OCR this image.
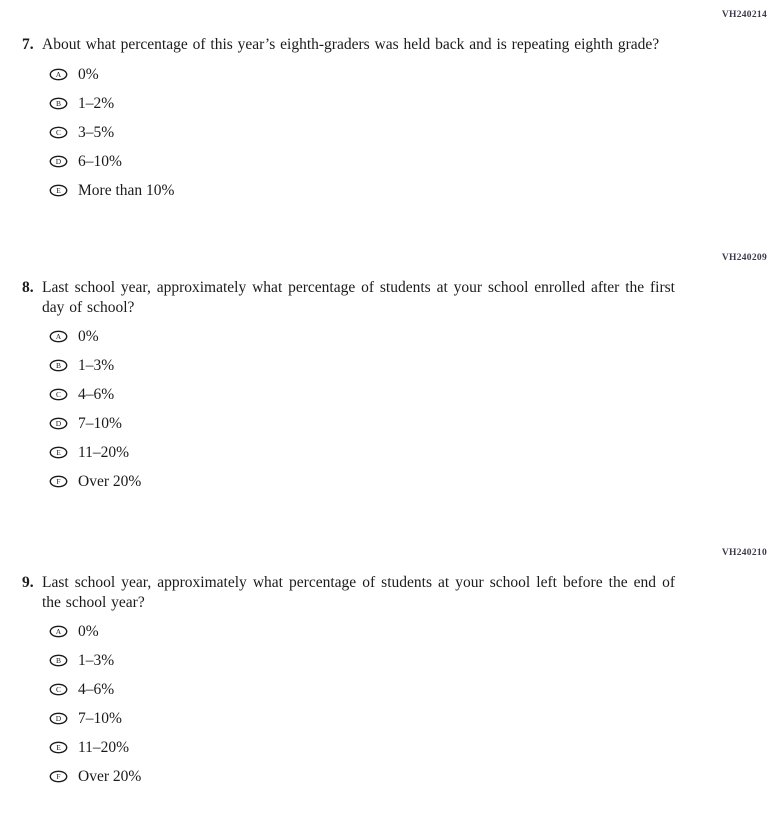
VH240214
7. About what percentage of this year’s eighth-graders was held back and is repeating eighth grade?
A 0%
B 1–2%
C 3–5%
D 6–10%
E More than 10%
VH240209
8. Last school year, approximately what percentage of students at your school enrolled after the first
day of school?
A 0%
B 1–3%
C 4–6%
D 7–10%
E 11–20%
F Over 20%
VH240210
9. Last school year, approximately what percentage of students at your school left before the end of
the school year?
A 0%
B 1–3%
C 4–6%
D 7–10%
E 11–20%
F Over 20%
